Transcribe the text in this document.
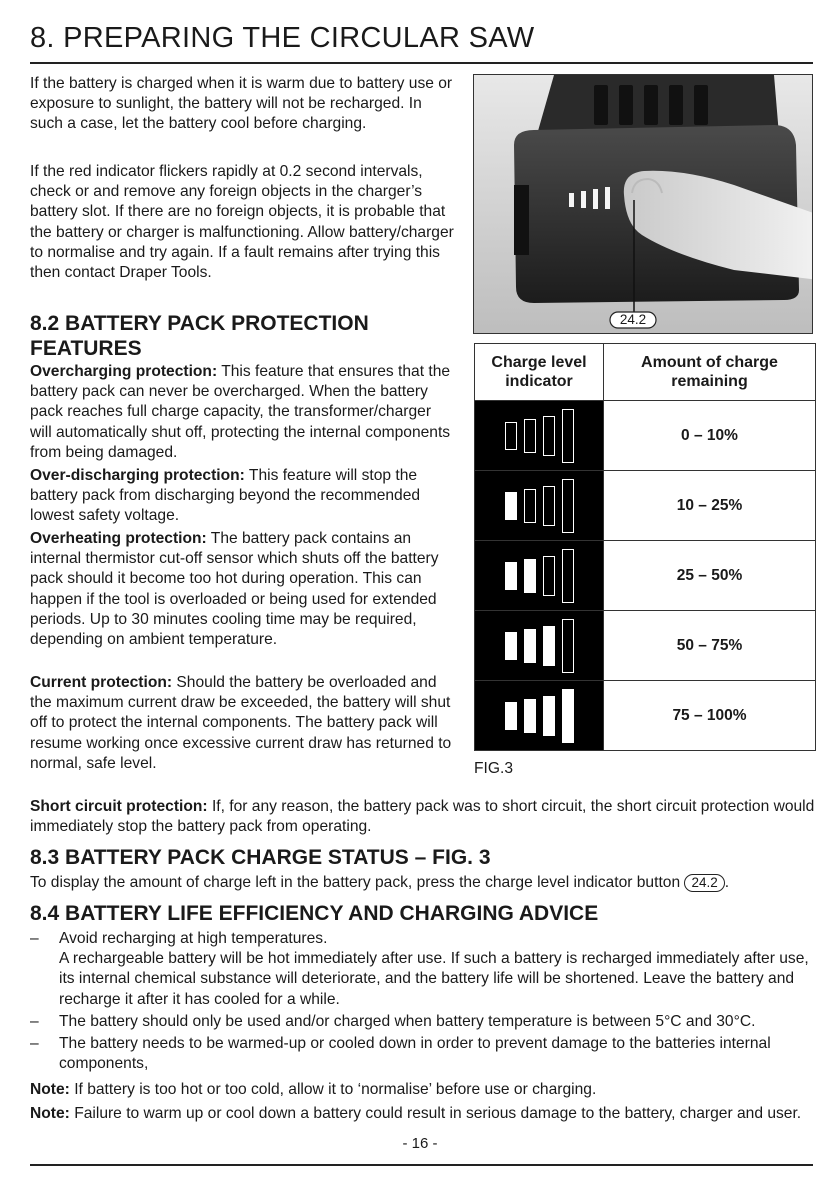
8. PREPARING THE CIRCULAR SAW

If the battery is charged when it is warm due to battery use or exposure to sunlight, the battery will not be recharged. In such a case, let the battery cool before charging.

If the red indicator flickers rapidly at 0.2 second intervals, check or and remove any foreign objects in the charger’s battery slot. If there are no foreign objects, it is probable that the battery or charger is malfunctioning. Allow battery/charger to normalise and try again. If a fault remains after trying this then contact Draper Tools.

8.2 BATTERY PACK PROTECTION FEATURES

Overcharging protection: This feature that ensures that the battery pack can never be overcharged. When the battery pack reaches full charge capacity, the transformer/charger will automatically shut off, protecting the internal components from being damaged.

Over-discharging protection: This feature will stop the battery pack from discharging beyond the recommended lowest safety voltage.

Overheating protection: The battery pack contains an internal thermistor cut-off sensor which shuts off the battery pack should it become too hot during operation. This can happen if the tool is overloaded or being used for extended periods. Up to 30 minutes cooling time may be required, depending on ambient temperature.

Current protection: Should the battery be overloaded and the maximum current draw be exceeded, the battery will shut off to protect the internal components. The battery pack will resume working once excessive current draw has returned to normal, safe level.

Short circuit protection: If, for any reason, the battery pack was to short circuit, the short circuit protection would immediately stop the battery pack from operating.

24.2
Charge level indicator	Amount of charge remaining

	0 – 10%

	10 – 25%

	25 – 50%

	50 – 75%

	75 – 100%
FIG.3
8.3 BATTERY PACK CHARGE STATUS – FIG. 3

To display the amount of charge left in the battery pack, press the charge level indicator button 24.2 .

8.4 BATTERY LIFE EFFICIENCY AND CHARGING ADVICE
– Avoid recharging at high temperatures.
A rechargeable battery will be hot immediately after use. If such a battery is recharged immediately after use, its internal chemical substance will deteriorate, and the battery life will be shortened. Leave the battery and recharge it after it has cooled for a while.
– The battery should only be used and/or charged when battery temperature is between 5°C and 30°C.
– The battery needs to be warmed-up or cooled down in order to prevent damage to the batteries internal components,

Note: If battery is too hot or too cold, allow it to ‘normalise’ before use or charging.

Note: Failure to warm up or cool down a battery could result in serious damage to the battery, charger and user.

- 16 -
